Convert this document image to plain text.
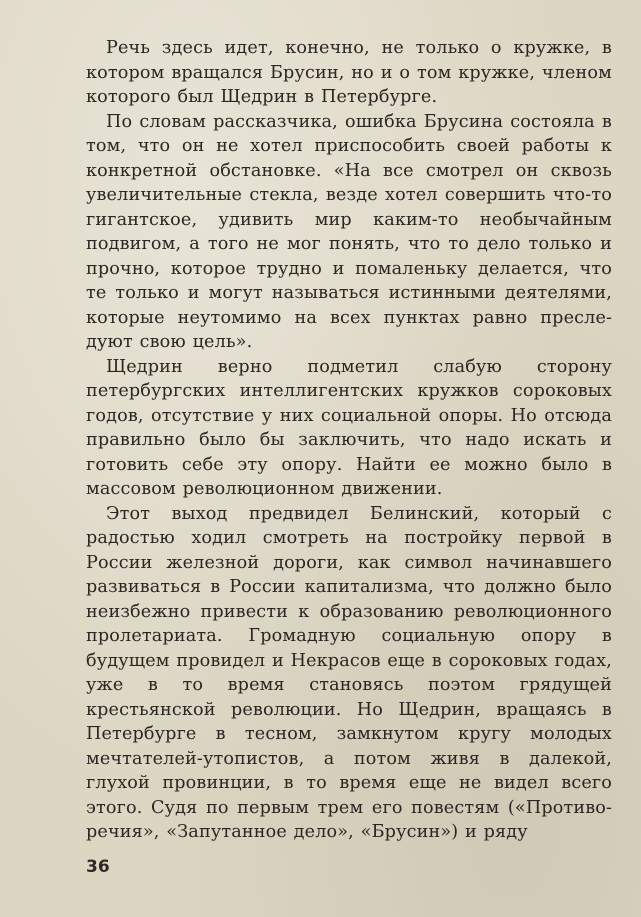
Речь здесь идет, конечно, не только о кружке, в котором вращался Брусин, но и о том кружке, членом которого был Щедрин в Петербурге.

По словам рассказчика, ошибка Брусина состояла в том, что он не хотел приспособить своей работы к конкретной обстановке. «На все смотрел он сквозь увеличительные стекла, везде хотел совершить что-то гигантское, удивить мир каким-то необычайным подвигом, а того не мог понять, что то дело только и прочно, которое трудно и помаленьку делается, что те только и могут называться истинными деятелями, которые неутомимо на всех пунктах равно преследуют свою цель».

Щедрин верно подметил слабую сторону петербургских интеллигентских кружков сороковых годов, отсутствие у них социальной опоры. Но отсюда правильно было бы заключить, что надо искать и готовить себе эту опору. Найти ее можно было в массовом революционном движении.

Этот выход предвидел Белинский, который с радостью ходил смотреть на постройку первой в России железной дороги, как символ начинавшего развиваться в России капитализма, что должно было неизбежно привести к образованию революционного пролетариата. Громадную социальную опору в будущем провидел и Некрасов еще в сороковых годах, уже в то время становясь поэтом грядущей крестьянской революции. Но Щедрин, вращаясь в Петербурге в тесном, замкнутом кругу молодых мечтателей-утопистов, а потом живя в далекой, глухой провинции, в то время еще не видел всего этого. Судя по первым трем его повестям («Противоречия», «Запутанное дело», «Брусин») и ряду

36
